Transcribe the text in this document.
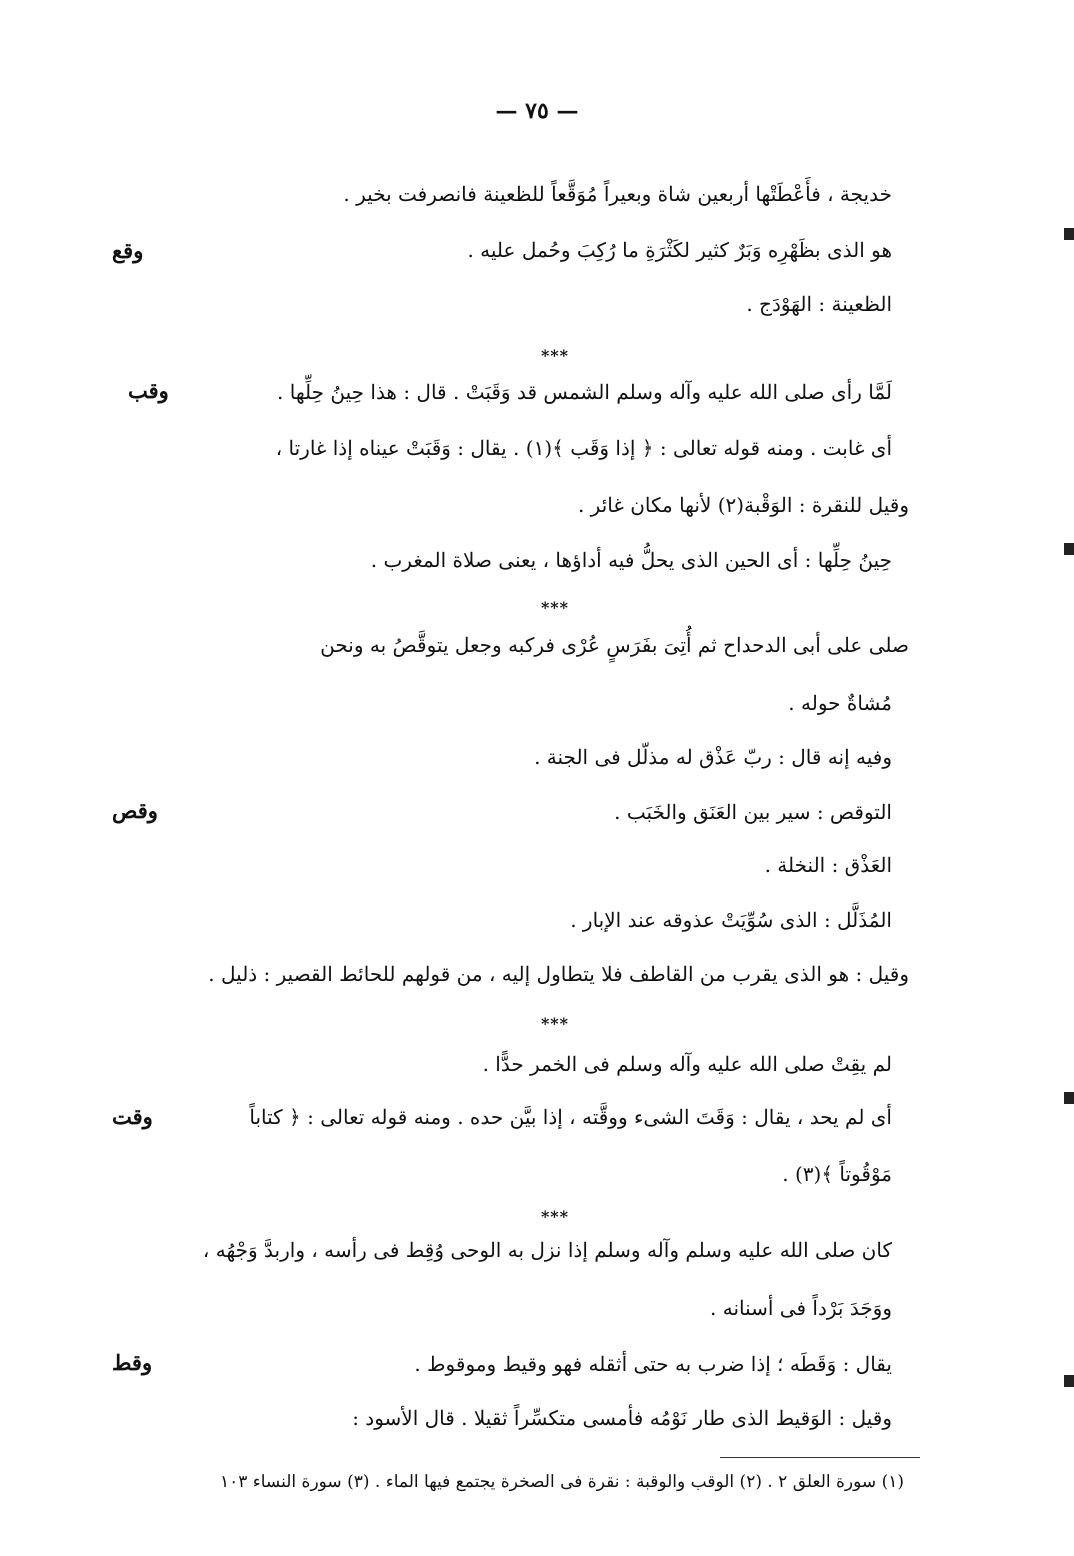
— ٧٥ —
خديجة ، فأَعْطَتْها أربعين شاة وبعيراً مُوَقَّعاً للظعينة فانصرفت بخير .
هو الذى بظَهْرِه وَبَرٌ كثير لكَثْرَةِ ما رُكِبَ وحُمل عليه .
وقع
الظعينة : الهَوْدَج .
***
لَمَّا رأى صلى الله عليه وآله وسلم الشمس قد وَقَبَتْ . قال : هذا حِينُ حِلِّها .
وقب
أى غابت . ومنه قوله تعالى : ﴿ إذا وَقَب ﴾(١) . يقال : وَقَبَتْ عيناه إذا غارتا ،
وقيل للنقرة : الوَقْبة(٢) لأنها مكان غائر .
حِينُ حِلِّها : أى الحين الذى يحلُّ فيه أداؤها ، يعنى صلاة المغرب .
***
صلى على أبى الدحداح ثم أُتِىَ بفَرَسٍ عُرْى فركبه وجعل يتوقَّصُ به ونحن
مُشاةٌ حوله .
وفيه إنه قال : ربّ عَذْق له مذلّل فى الجنة .
التوقص : سير بين العَنَق والخَبَب .
وقص
العَذْق : النخلة .
المُذَلَّل : الذى سُوِّيَتْ عذوقه عند الإبار .
وقيل : هو الذى يقرب من القاطف فلا يتطاول إليه ، من قولهم للحائط القصير : ذليل .
***
لم يقِتْ صلى الله عليه وآله وسلم فى الخمر حدًّا .
أى لم يحد ، يقال : وَقَتَ الشىء ووقَّته ، إذا بيَّن حده . ومنه قوله تعالى : ﴿ كتاباً
وقت
مَوْقُوتاً ﴾(٣) .
***
كان صلى الله عليه وسلم وآله وسلم إذا نزل به الوحى وُقِط فى رأسه ، واربدَّ وَجْهُه ،
ووَجَدَ بَرْداً فى أسنانه .
يقال : وَقَطَه ؛ إذا ضرب به حتى أثقله فهو وقيط وموقوط .
وقط
وقيل : الوَقيط الذى طار نَوْمُه فأمسى متكسِّراً ثقيلا . قال الأسود :
(١) سورة العلق ٢ . (٢) الوقب والوقبة : نقرة فى الصخرة يجتمع فيها الماء . (٣) سورة النساء ١٠٣
